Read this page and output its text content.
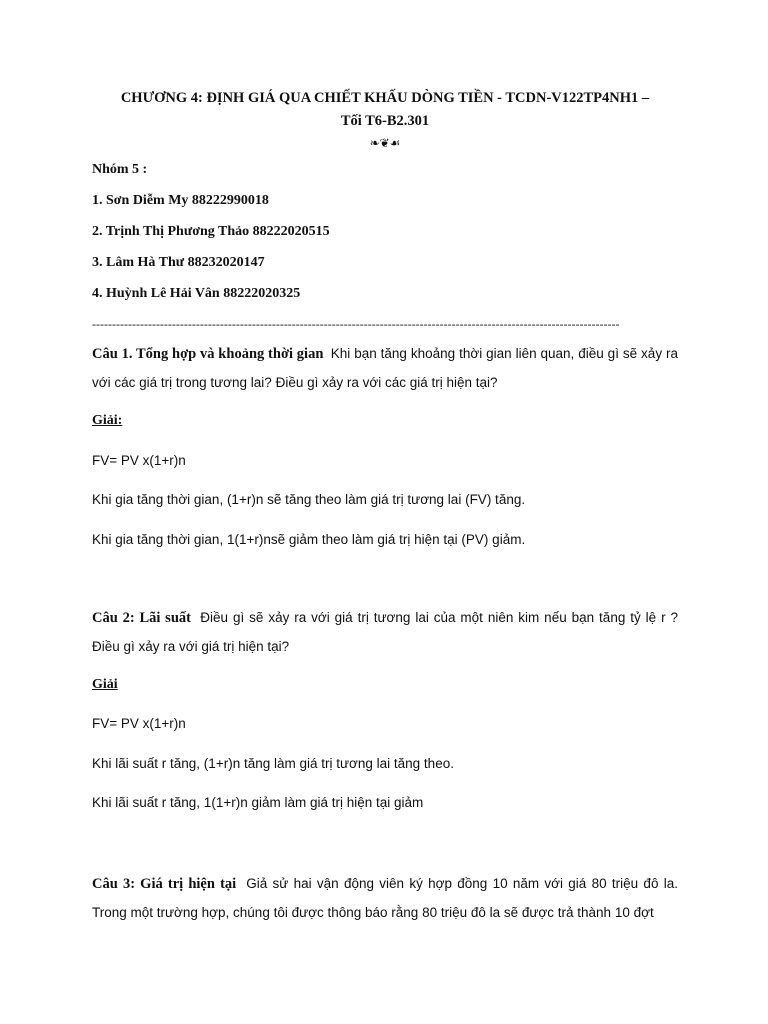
CHƯƠNG 4: ĐỊNH GIÁ QUA CHIẾT KHẤU DÒNG TIỀN - TCDN-V122TP4NH1 –
Tối T6-B2.301
❧❦☙
Nhóm 5 :
1. Sơn Diễm My 88222990018
2. Trịnh Thị Phương Thảo 88222020515
3. Lâm Hà Thư 88232020147
4. Huỳnh Lê Hải Vân 88222020325
------------------------------------------------------------------------------------------------------------------------------------
Câu 1. Tổng hợp và khoảng thời gian Khi bạn tăng khoảng thời gian liên quan, điều gì sẽ xảy ra với các giá trị trong tương lai? Điều gì xảy ra với các giá trị hiện tại?
Giải:
FV= PV x(1+r)n
Khi gia tăng thời gian, (1+r)n sẽ tăng theo làm giá trị tương lai (FV) tăng.
Khi gia tăng thời gian, 1(1+r)nsẽ giảm theo làm giá trị hiện tại (PV) giảm.
Câu 2: Lãi suất Điều gì sẽ xảy ra với giá trị tương lai của một niên kim nếu bạn tăng tỷ lệ r ? Điều gì xảy ra với giá trị hiện tại?
Giải
FV= PV x(1+r)n
Khi lãi suất r tăng, (1+r)n tăng làm giá trị tương lai tăng theo.
Khi lãi suất r tăng, 1(1+r)n giảm làm giá trị hiện tại giảm
Câu 3: Giá trị hiện tại Giả sử hai vận động viên ký hợp đồng 10 năm với giá 80 triệu đô la. Trong một trường hợp, chúng tôi được thông báo rằng 80 triệu đô la sẽ được trả thành 10 đợt
